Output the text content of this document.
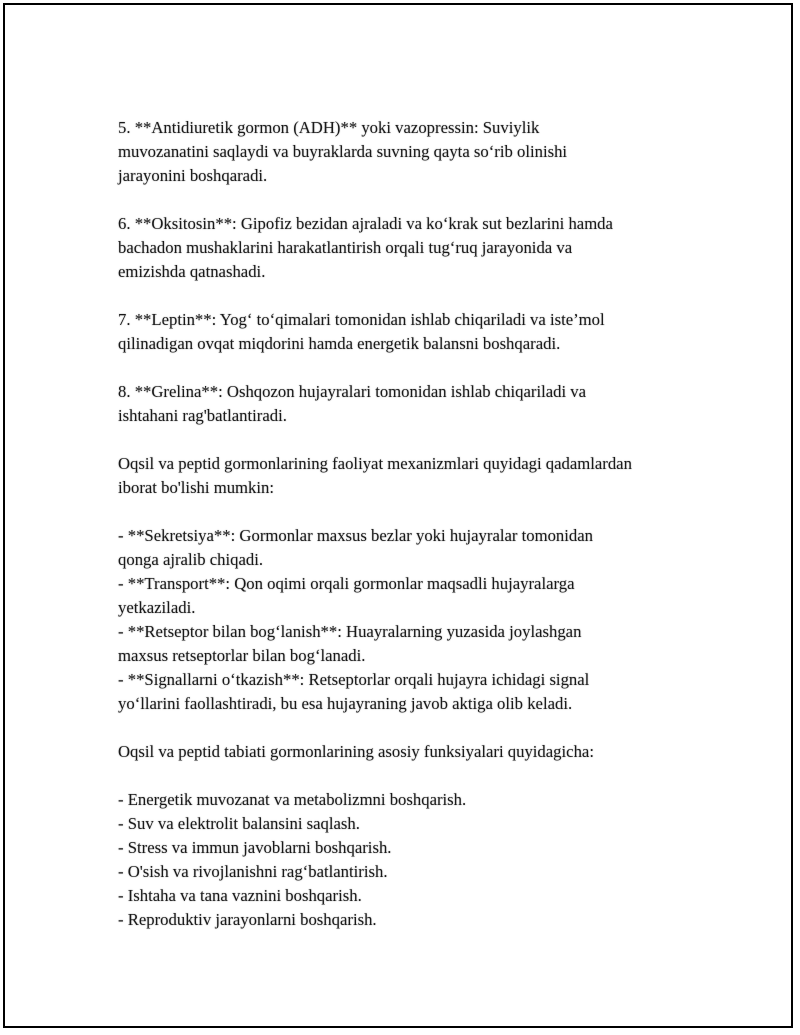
5. **Antidiuretik gormon (ADH)** yoki vazopressin: Suviylik
muvozanatini saqlaydi va buyraklarda suvning qayta so‘rib olinishi
jarayonini boshqaradi.
6. **Oksitosin**: Gipofiz bezidan ajraladi va ko‘krak sut bezlarini hamda
bachadon mushaklarini harakatlantirish orqali tug‘ruq jarayonida va
emizishda qatnashadi.
7. **Leptin**: Yog‘ to‘qimalari tomonidan ishlab chiqariladi va iste’mol
qilinadigan ovqat miqdorini hamda energetik balansni boshqaradi.
8. **Grelina**: Oshqozon hujayralari tomonidan ishlab chiqariladi va
ishtahani rag'batlantiradi.
Oqsil va peptid gormonlarining faoliyat mexanizmlari quyidagi qadamlardan
iborat bo'lishi mumkin:
- **Sekretsiya**: Gormonlar maxsus bezlar yoki hujayralar tomonidan
qonga ajralib chiqadi.
- **Transport**: Qon oqimi orqali gormonlar maqsadli hujayralarga
yetkaziladi.
- **Retseptor bilan bog‘lanish**: Huayralarning yuzasida joylashgan
maxsus retseptorlar bilan bog‘lanadi.
- **Signallarni o‘tkazish**: Retseptorlar orqali hujayra ichidagi signal
yo‘llarini faollashtiradi, bu esa hujayraning javob aktiga olib keladi.
Oqsil va peptid tabiati gormonlarining asosiy funksiyalari quyidagicha:
- Energetik muvozanat va metabolizmni boshqarish.
- Suv va elektrolit balansini saqlash.
- Stress va immun javoblarni boshqarish.
- O'sish va rivojlanishni rag‘batlantirish.
- Ishtaha va tana vaznini boshqarish.
- Reproduktiv jarayonlarni boshqarish.
